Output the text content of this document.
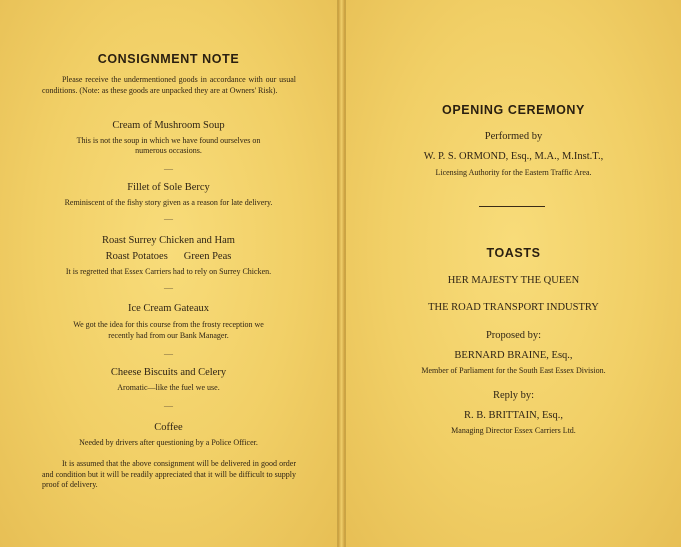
CONSIGNMENT NOTE
Please receive the undermentioned goods in accordance with our usual conditions. (Note: as these goods are unpacked they are at Owners' Risk).
Cream of Mushroom Soup
This is not the soup in which we have found ourselves on
numerous occasions.
—
Fillet of Sole Bercy
Reminiscent of the fishy story given as a reason for late delivery.
—
Roast Surrey Chicken and Ham
Roast Potatoes Green Peas
It is regretted that Essex Carriers had to rely on Surrey Chicken.
—
Ice Cream Gateaux
We got the idea for this course from the frosty reception we
recently had from our Bank Manager.
—
Cheese Biscuits and Celery
Aromatic—like the fuel we use.
—
Coffee
Needed by drivers after questioning by a Police Officer.
It is assumed that the above consignment will be delivered in good order and condition but it will be readily appreciated that it will be difficult to supply proof of delivery.
OPENING CEREMONY
Performed by
W. P. S. ORMOND, Esq., M.A., M.Inst.T.,
Licensing Authority for the Eastern Traffic Area.
TOASTS
HER MAJESTY THE QUEEN
THE ROAD TRANSPORT INDUSTRY
Proposed by:
BERNARD BRAINE, Esq.,
Member of Parliament for the South East Essex Division.
Reply by:
R. B. BRITTAIN, Esq.,
Managing Director Essex Carriers Ltd.
